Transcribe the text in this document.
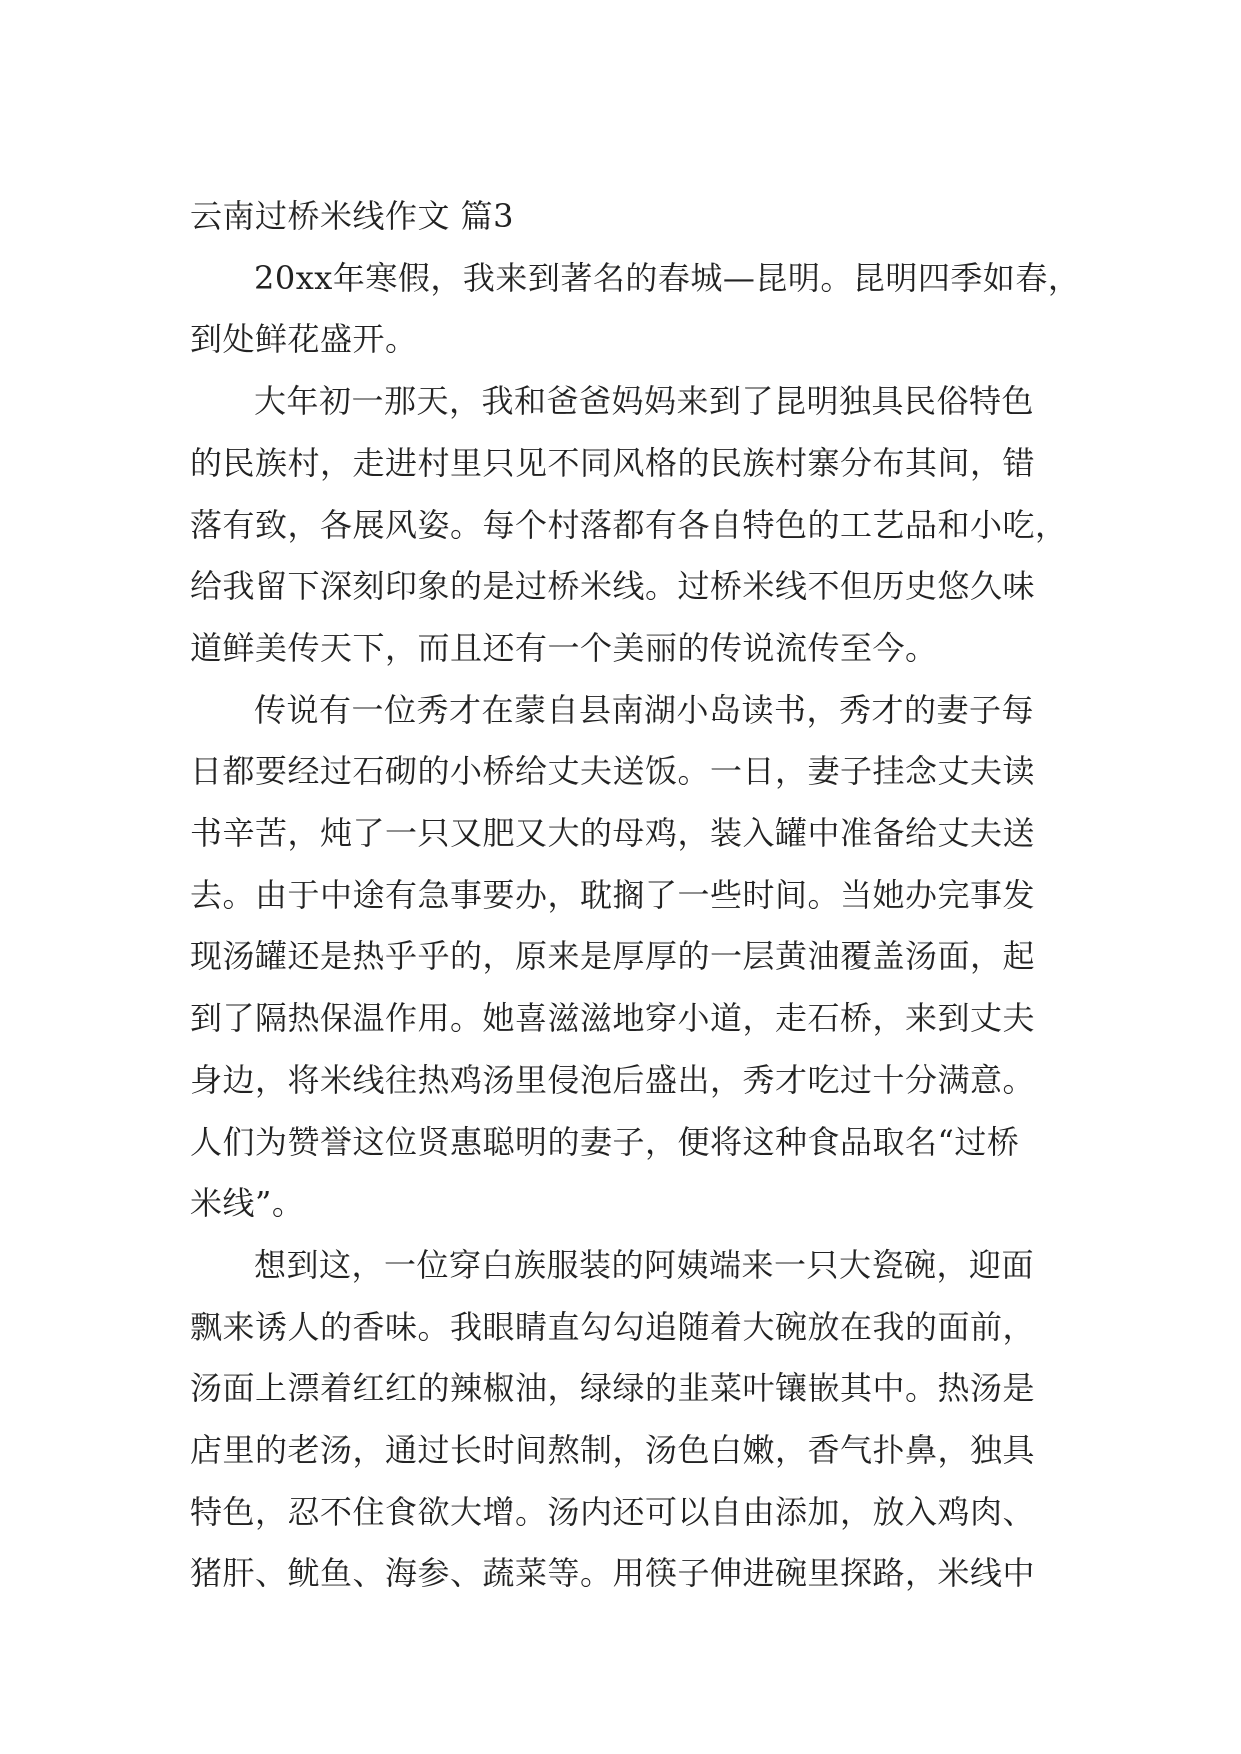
云南过桥米线作文 篇3
20xx年寒假，我来到著名的春城—昆明。昆明四季如春，
到处鲜花盛开。
大年初一那天，我和爸爸妈妈来到了昆明独具民俗特色
的民族村，走进村里只见不同风格的民族村寨分布其间，错
落有致，各展风姿。每个村落都有各自特色的工艺品和小吃，
给我留下深刻印象的是过桥米线。过桥米线不但历史悠久味
道鲜美传天下，而且还有一个美丽的传说流传至今。
传说有一位秀才在蒙自县南湖小岛读书，秀才的妻子每
日都要经过石砌的小桥给丈夫送饭。一日，妻子挂念丈夫读
书辛苦，炖了一只又肥又大的母鸡，装入罐中准备给丈夫送
去。由于中途有急事要办，耽搁了一些时间。当她办完事发
现汤罐还是热乎乎的，原来是厚厚的一层黄油覆盖汤面，起
到了隔热保温作用。她喜滋滋地穿小道，走石桥，来到丈夫
身边，将米线往热鸡汤里侵泡后盛出，秀才吃过十分满意。
人们为赞誉这位贤惠聪明的妻子，便将这种食品取名“过桥
米线”。
想到这，一位穿白族服装的阿姨端来一只大瓷碗，迎面
飘来诱人的香味。我眼睛直勾勾追随着大碗放在我的面前，
汤面上漂着红红的辣椒油，绿绿的韭菜叶镶嵌其中。热汤是
店里的老汤，通过长时间熬制，汤色白嫩，香气扑鼻，独具
特色，忍不住食欲大增。汤内还可以自由添加，放入鸡肉、
猪肝、鱿鱼、海参、蔬菜等。用筷子伸进碗里探路，米线中
